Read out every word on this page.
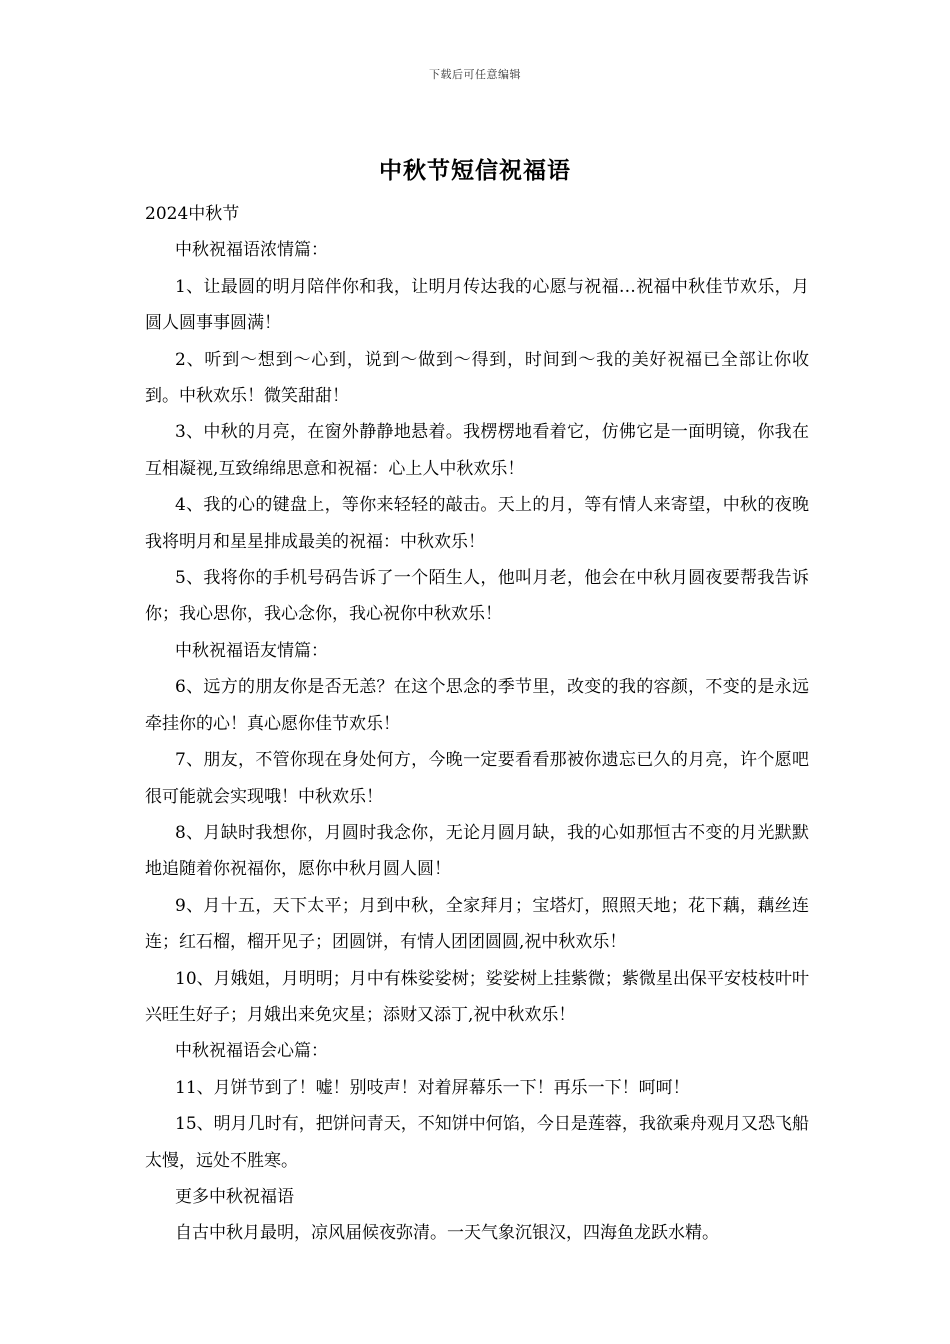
下载后可任意编辑
中秋节短信祝福语

2024中秋节

中秋祝福语浓情篇：

1、让最圆的明月陪伴你和我，让明月传达我的心愿与祝福…祝福中秋佳节欢乐，月圆人圆事事圆满！

2、听到～想到～心到，说到～做到～得到，时间到～我的美好祝福已全部让你收到。中秋欢乐！微笑甜甜！

3、中秋的月亮，在窗外静静地悬着。我楞楞地看着它，仿佛它是一面明镜，你我在互相凝视,互致绵绵思意和祝福：心上人中秋欢乐！

4、我的心的键盘上，等你来轻轻的敲击。天上的月，等有情人来寄望，中秋的夜晚我将明月和星星排成最美的祝福：中秋欢乐！

5、我将你的手机号码告诉了一个陌生人，他叫月老，他会在中秋月圆夜要帮我告诉你；我心思你，我心念你，我心祝你中秋欢乐！

中秋祝福语友情篇：

6、远方的朋友你是否无恙？在这个思念的季节里，改变的我的容颜，不变的是永远牵挂你的心！真心愿你佳节欢乐！

7、朋友，不管你现在身处何方，今晚一定要看看那被你遗忘已久的月亮，许个愿吧很可能就会实现哦！中秋欢乐！

8、月缺时我想你，月圆时我念你，无论月圆月缺，我的心如那恒古不变的月光默默地追随着你祝福你，愿你中秋月圆人圆！

9、月十五，天下太平；月到中秋，全家拜月；宝塔灯，照照天地；花下藕，藕丝连连；红石榴，榴开见子；团圆饼，有情人团团圆圆,祝中秋欢乐！

10、月娥姐，月明明；月中有株娑娑树；娑娑树上挂紫微；紫微星出保平安枝枝叶叶兴旺生好子；月娥出来免灾星；添财又添丁,祝中秋欢乐！

中秋祝福语会心篇：

11、月饼节到了！嘘！别吱声！对着屏幕乐一下！再乐一下！呵呵！

15、明月几时有，把饼问青天，不知饼中何馅，今日是莲蓉，我欲乘舟观月又恐飞船太慢，远处不胜寒。

更多中秋祝福语

自古中秋月最明，凉风届候夜弥清。一天气象沉银汉，四海鱼龙跃水精。
